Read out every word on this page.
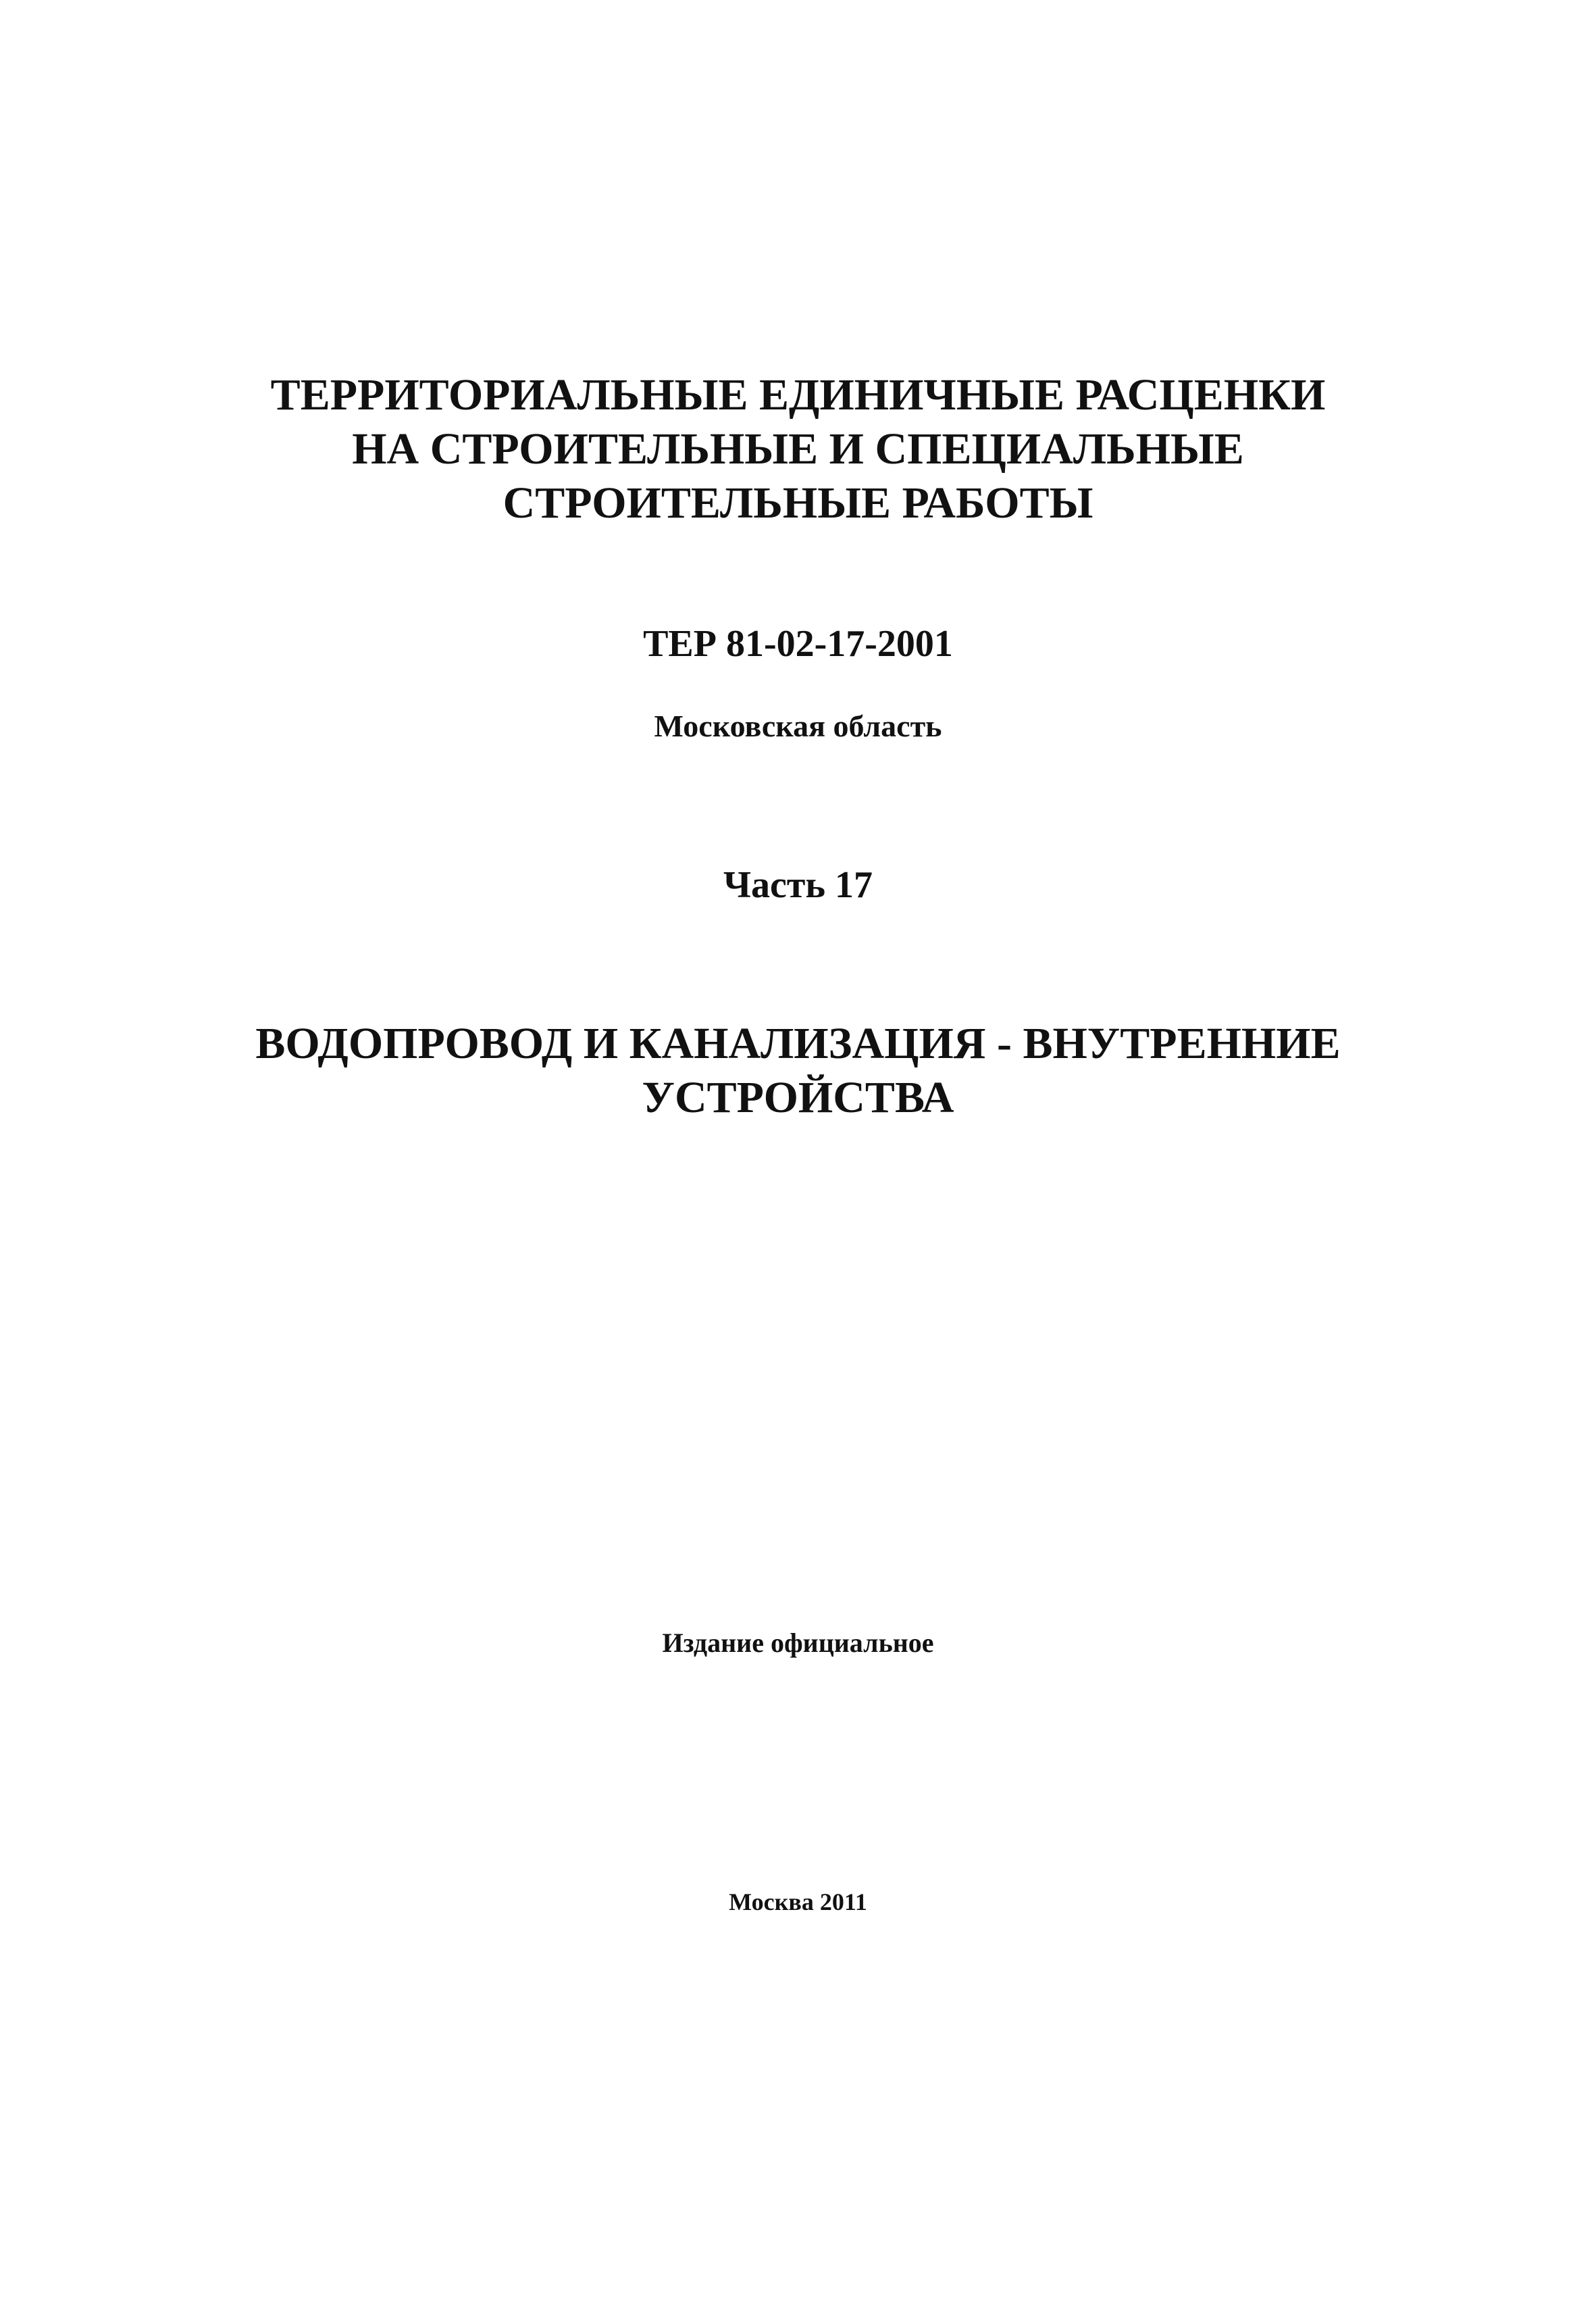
ТЕРРИТОРИАЛЬНЫЕ ЕДИНИЧНЫЕ РАСЦЕНКИ
НА СТРОИТЕЛЬНЫЕ И СПЕЦИАЛЬНЫЕ
СТРОИТЕЛЬНЫЕ РАБОТЫ
ТЕР 81-02-17-2001
Московская область
Часть 17
ВОДОПРОВОД И КАНАЛИЗАЦИЯ - ВНУТРЕННИЕ
УСТРОЙСТВА
Издание официальное
Москва 2011
